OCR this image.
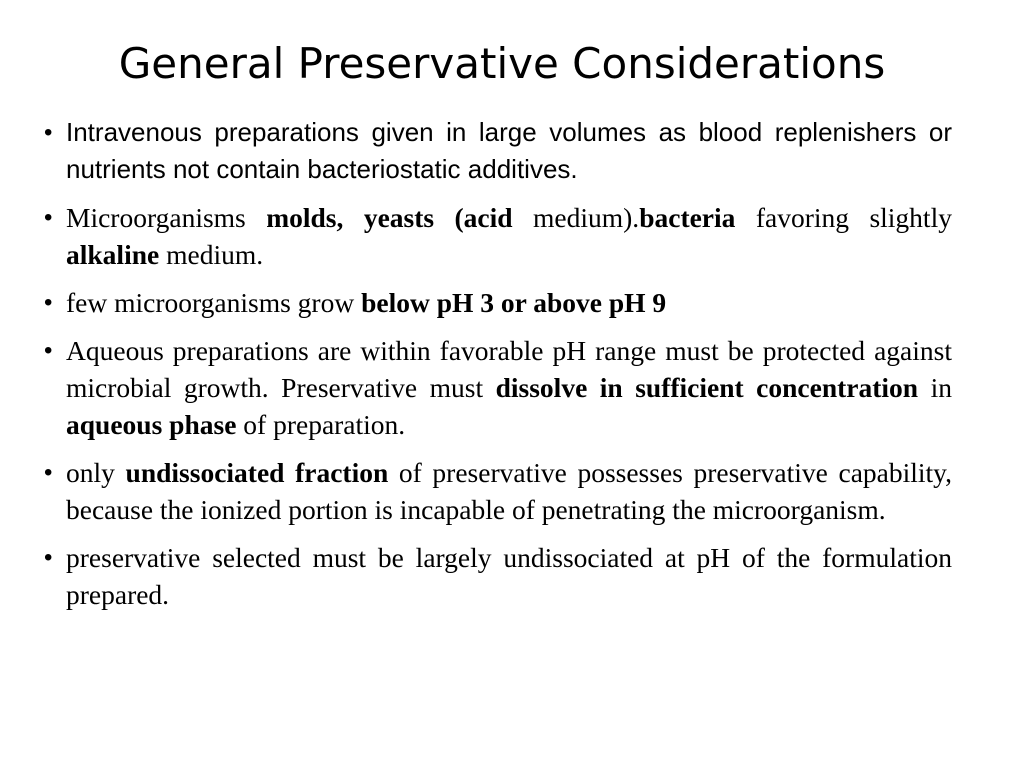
General Preservative Considerations
• Intravenous preparations given in large volumes as blood replenishers or nutrients not contain bacteriostatic additives.
• Microorganisms molds, yeasts (acid medium).bacteria favoring slightly alkaline medium.
• few microorganisms grow below pH 3 or above pH 9
• Aqueous preparations are within favorable pH range must be protected against microbial growth. Preservative must dissolve in sufficient concentration in aqueous phase of preparation.
• only undissociated fraction of preservative possesses preservative capability, because the ionized portion is incapable of penetrating the microorganism.
• preservative selected must be largely undissociated at pH of the formulation prepared.
